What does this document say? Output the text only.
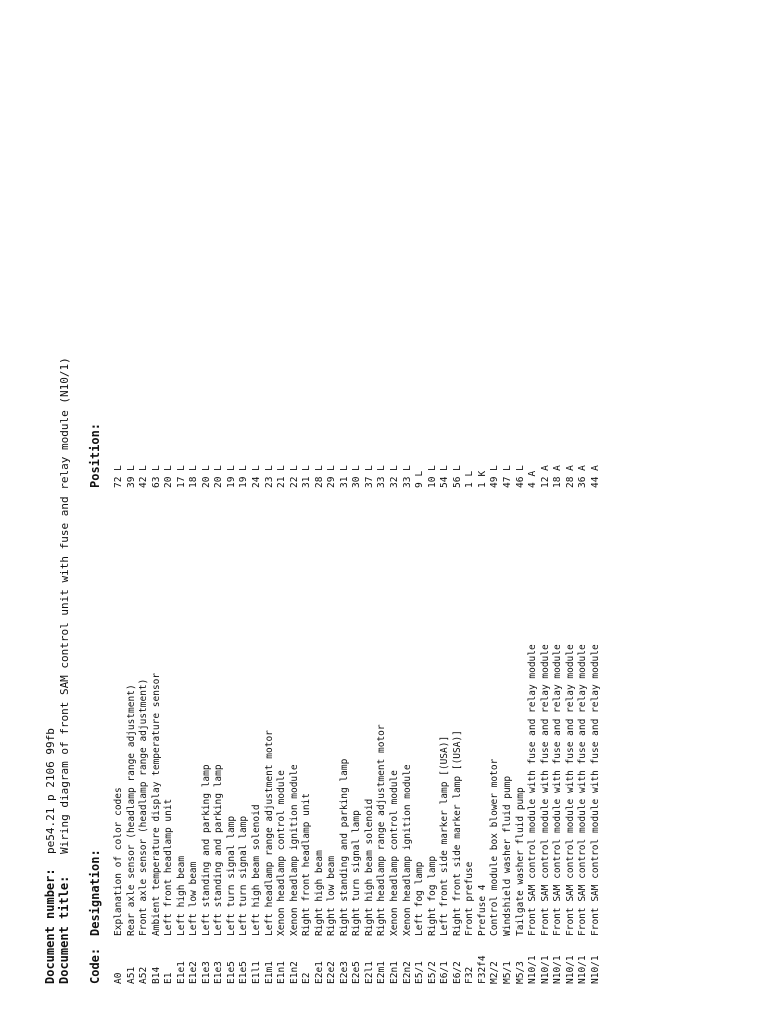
Document number:pe54.21 p 2106 99fb
Document title:Wiring diagram of front SAM control unit with fuse and relay module (N10/1)
Code:
Designation:
Position:
A0
Explanation of color codes
72 L
A51
Rear axle sensor (headlamp range adjustment)
39 L
A52
Front axle sensor (headlamp range adjustment)
42 L
B14
Ambient temperature display temperature sensor
63 L
E1
Left front headlamp unit
20 L
E1e1
Left high beam
17 L
E1e2
Left low beam
18 L
E1e3
Left standing and parking lamp
20 L
E1e3
Left standing and parking lamp
20 L
E1e5
Left turn signal lamp
19 L
E1e5
Left turn signal lamp
19 L
E1l1
Left high beam solenoid
24 L
E1m1
Left headlamp range adjustment motor
23 L
E1n1
Xenon headlamp control module
21 L
E1n2
Xenon headlamp ignition module
22 L
E2
Right front headlamp unit
31 L
E2e1
Right high beam
28 L
E2e2
Right low beam
29 L
E2e3
Right standing and parking lamp
31 L
E2e5
Right turn signal lamp
30 L
E2l1
Right high beam solenoid
37 L
E2m1
Right headlamp range adjustment motor
33 L
E2n1
Xenon headlamp control module
32 L
E2n2
Xenon headlamp ignition module
33 L
E5/1
Left fog lamp
9 L
E5/2
Right fog lamp
10 L
E6/1
Left front side marker lamp [(USA)]
54 L
E6/2
Right front side marker lamp [(USA)]
56 L
F32
Front prefuse
1 L
F32f4
Prefuse 4
1 K
M2/2
Control module box blower motor
49 L
M5/1
Windshield washer fluid pump
47 L
M5/3
Tailgate washer fluid pump
46 L
N10/1
Front SAM control module with fuse and relay module
4 A
N10/1
Front SAM control module with fuse and relay module
12 A
N10/1
Front SAM control module with fuse and relay module
18 A
N10/1
Front SAM control module with fuse and relay module
28 A
N10/1
Front SAM control module with fuse and relay module
36 A
N10/1
Front SAM control module with fuse and relay module
44 A
